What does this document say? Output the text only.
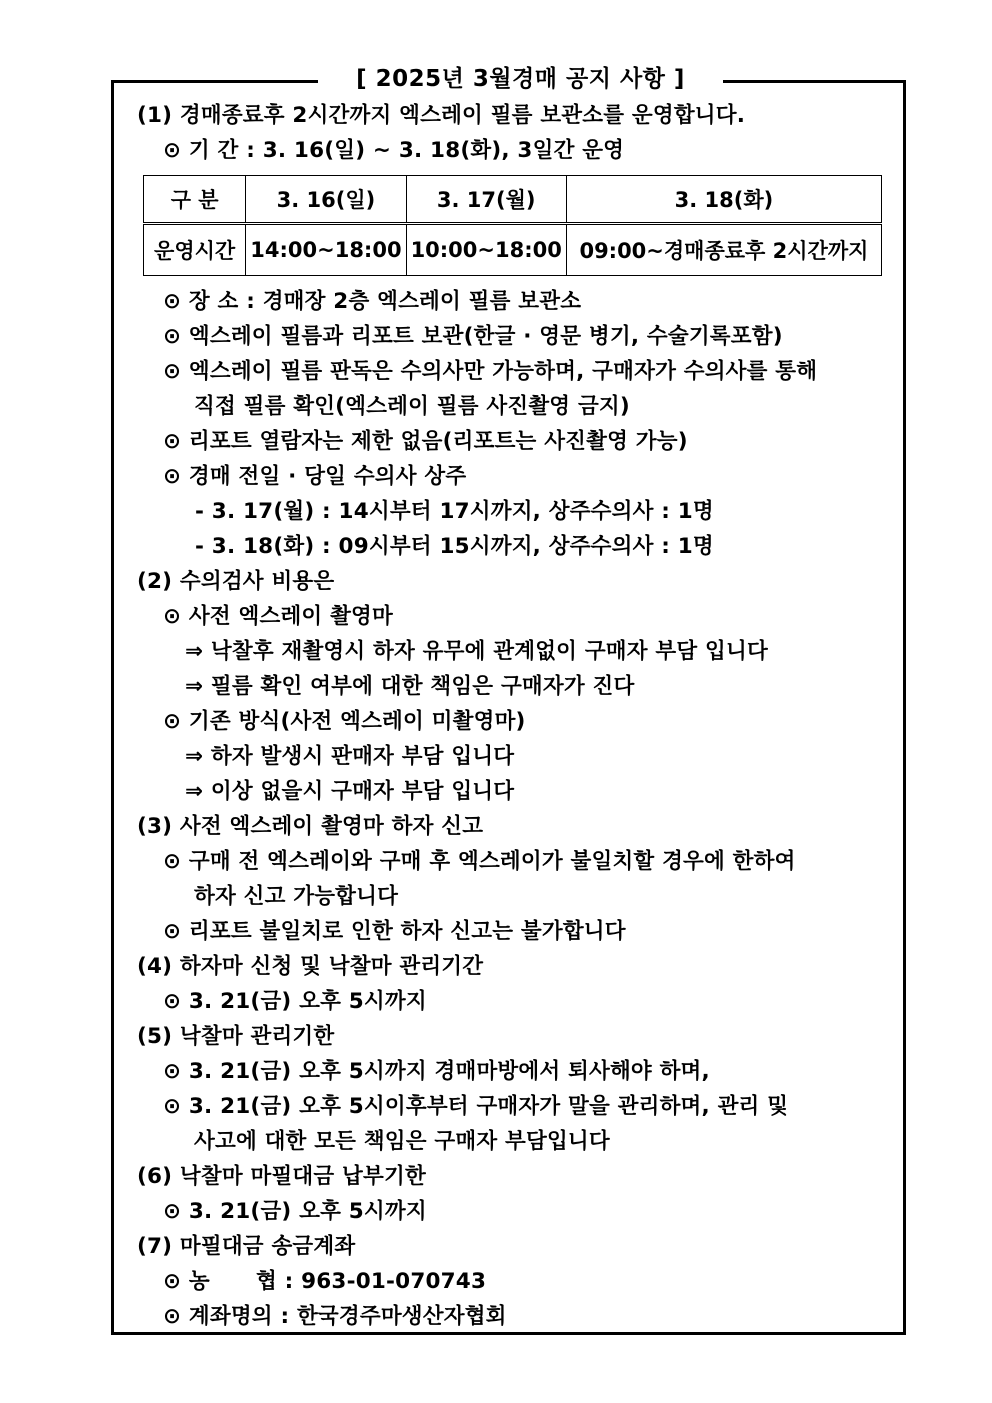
[ 2025년 3월경매 공지 사항 ]
(1) 경매종료후 2시간까지 엑스레이 필름 보관소를 운영합니다.
⊙ 기 간 : 3. 16(일) ~ 3. 18(화), 3일간 운영
구 분	3. 16(일)	3. 17(월)	3. 18(화)
운영시간	14:00~18:00	10:00~18:00	09:00~경매종료후 2시간까지
⊙ 장 소 : 경매장 2층 엑스레이 필름 보관소
⊙ 엑스레이 필름과 리포트 보관(한글 · 영문 병기, 수술기록포함)
⊙ 엑스레이 필름 판독은 수의사만 가능하며, 구매자가 수의사를 통해
직접 필름 확인(엑스레이 필름 사진촬영 금지)
⊙ 리포트 열람자는 제한 없음(리포트는 사진촬영 가능)
⊙ 경매 전일 · 당일 수의사 상주
- 3. 17(월) : 14시부터 17시까지, 상주수의사 : 1명
- 3. 18(화) : 09시부터 15시까지, 상주수의사 : 1명
(2) 수의검사 비용은
⊙ 사전 엑스레이 촬영마
⇒ 낙찰후 재촬영시 하자 유무에 관계없이 구매자 부담 입니다
⇒ 필름 확인 여부에 대한 책임은 구매자가 진다
⊙ 기존 방식(사전 엑스레이 미촬영마)
⇒ 하자 발생시 판매자 부담 입니다
⇒ 이상 없을시 구매자 부담 입니다
(3) 사전 엑스레이 촬영마 하자 신고
⊙ 구매 전 엑스레이와 구매 후 엑스레이가 불일치할 경우에 한하여
하자 신고 가능합니다
⊙ 리포트 불일치로 인한 하자 신고는 불가합니다
(4) 하자마 신청 및 낙찰마 관리기간
⊙ 3. 21(금) 오후 5시까지
(5) 낙찰마 관리기한
⊙ 3. 21(금) 오후 5시까지 경매마방에서 퇴사해야 하며,
⊙ 3. 21(금) 오후 5시이후부터 구매자가 말을 관리하며, 관리 및
사고에 대한 모든 책임은 구매자 부담입니다
(6) 낙찰마 마필대금 납부기한
⊙ 3. 21(금) 오후 5시까지
(7) 마필대금 송금계좌
⊙ 농      협 : 963-01-070743
⊙ 계좌명의 : 한국경주마생산자협회
